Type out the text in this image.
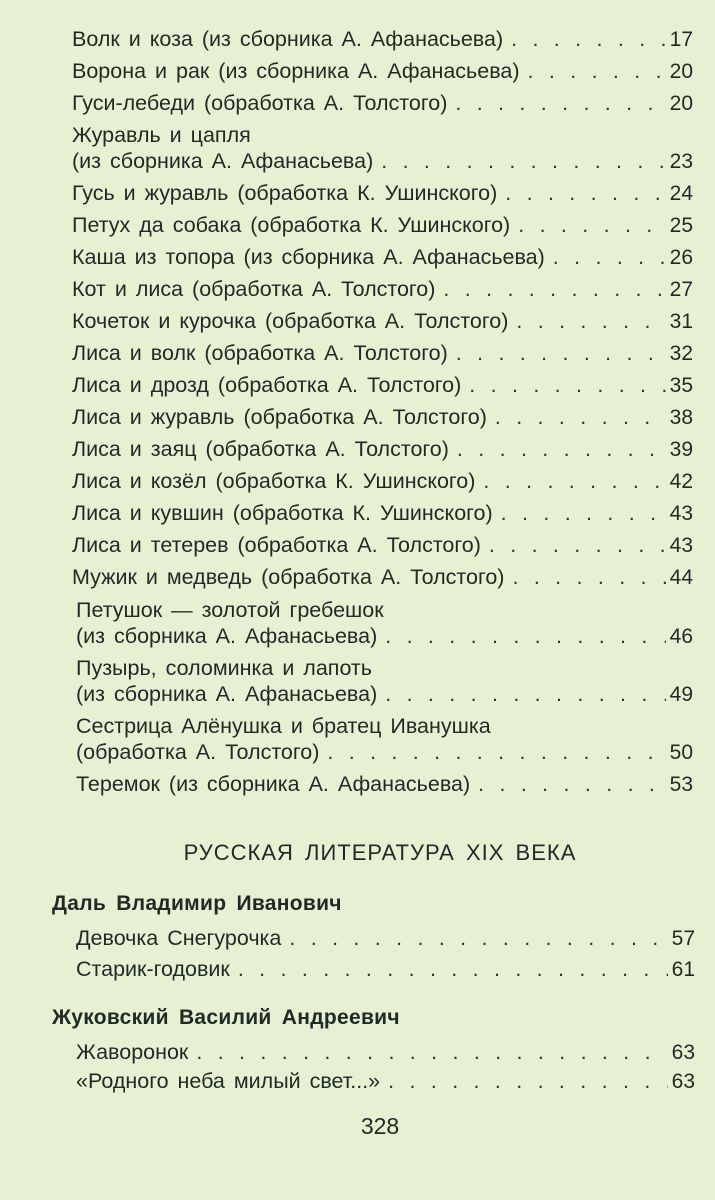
Волк и коза (из сборника А. Афанасьева) . . .	17
Ворона и рак (из сборника А. Афанасьева) . . .	20
Гуси-лебеди (обработка А. Толстого) . . .	20
Журавль и цапля
(из сборника А. Афанасьева) . . .	23
Гусь и журавль (обработка К. Ушинского) . . .	24
Петух да собака (обработка К. Ушинского) . . .	25
Каша из топора (из сборника А. Афанасьева) . . .	26
Кот и лиса (обработка А. Толстого) . . .	27
Кочеток и курочка (обработка А. Толстого) . . .	31
Лиса и волк (обработка А. Толстого) . . .	32
Лиса и дрозд (обработка А. Толстого) . . .	35
Лиса и журавль (обработка А. Толстого) . . .	38
Лиса и заяц (обработка А. Толстого) . . .	39
Лиса и козёл (обработка К. Ушинского) . . .	42
Лиса и кувшин (обработка К. Ушинского) . . .	43
Лиса и тетерев (обработка А. Толстого) . . .	43
Мужик и медведь (обработка А. Толстого) . . .	44
Петушок — золотой гребешок
(из сборника А. Афанасьева) . . .	46
Пузырь, соломинка и лапоть
(из сборника А. Афанасьева) . . .	49
Сестрица Алёнушка и братец Иванушка
(обработка А. Толстого) . . .	50
Теремок (из сборника А. Афанасьева) . . .	53
РУССКАЯ ЛИТЕРАТУРА XIX ВЕКА
Даль Владимир Иванович
Девочка Снегурочка . . .	57
Старик-годовик . . .	61
Жуковский Василий Андреевич
Жаворонок . . .	63
«Родного неба милый свет...» . . .	63
328
